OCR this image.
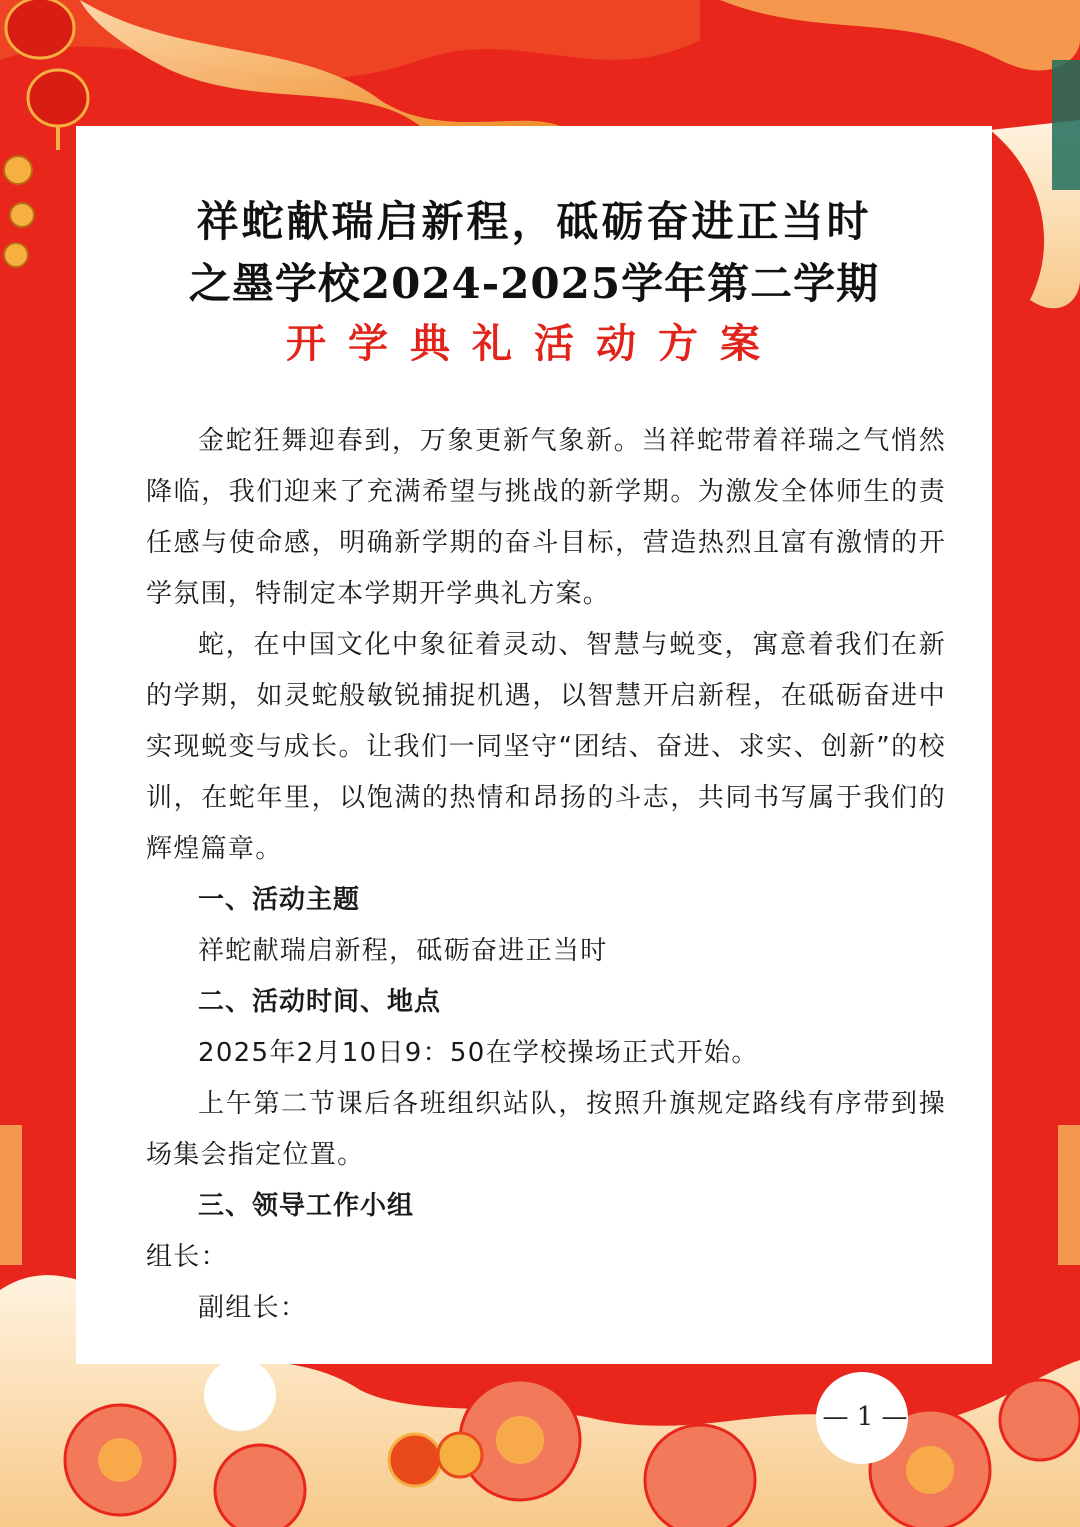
祥蛇献瑞启新程，砥砺奋进正当时
之墨学校2024-2025学年第二学期
开学典礼活动方案

金蛇狂舞迎春到，万象更新气象新。当祥蛇带着祥瑞之气悄然降临，我们迎来了充满希望与挑战的新学期。为激发全体师生的责任感与使命感，明确新学期的奋斗目标，营造热烈且富有激情的开学氛围，特制定本学期开学典礼方案。

蛇，在中国文化中象征着灵动、智慧与蜕变，寓意着我们在新的学期，如灵蛇般敏锐捕捉机遇，以智慧开启新程，在砥砺奋进中实现蜕变与成长。让我们一同坚守“团结、奋进、求实、创新”的校训，在蛇年里，以饱满的热情和昂扬的斗志，共同书写属于我们的辉煌篇章。

一、活动主题

祥蛇献瑞启新程，砥砺奋进正当时

二、活动时间、地点

2025年2月10日9：50在学校操场正式开始。

上午第二节课后各班组织站队，按照升旗规定路线有序带到操场集会指定位置。

三、领导工作小组

组长：

副组长：

— 1 —
